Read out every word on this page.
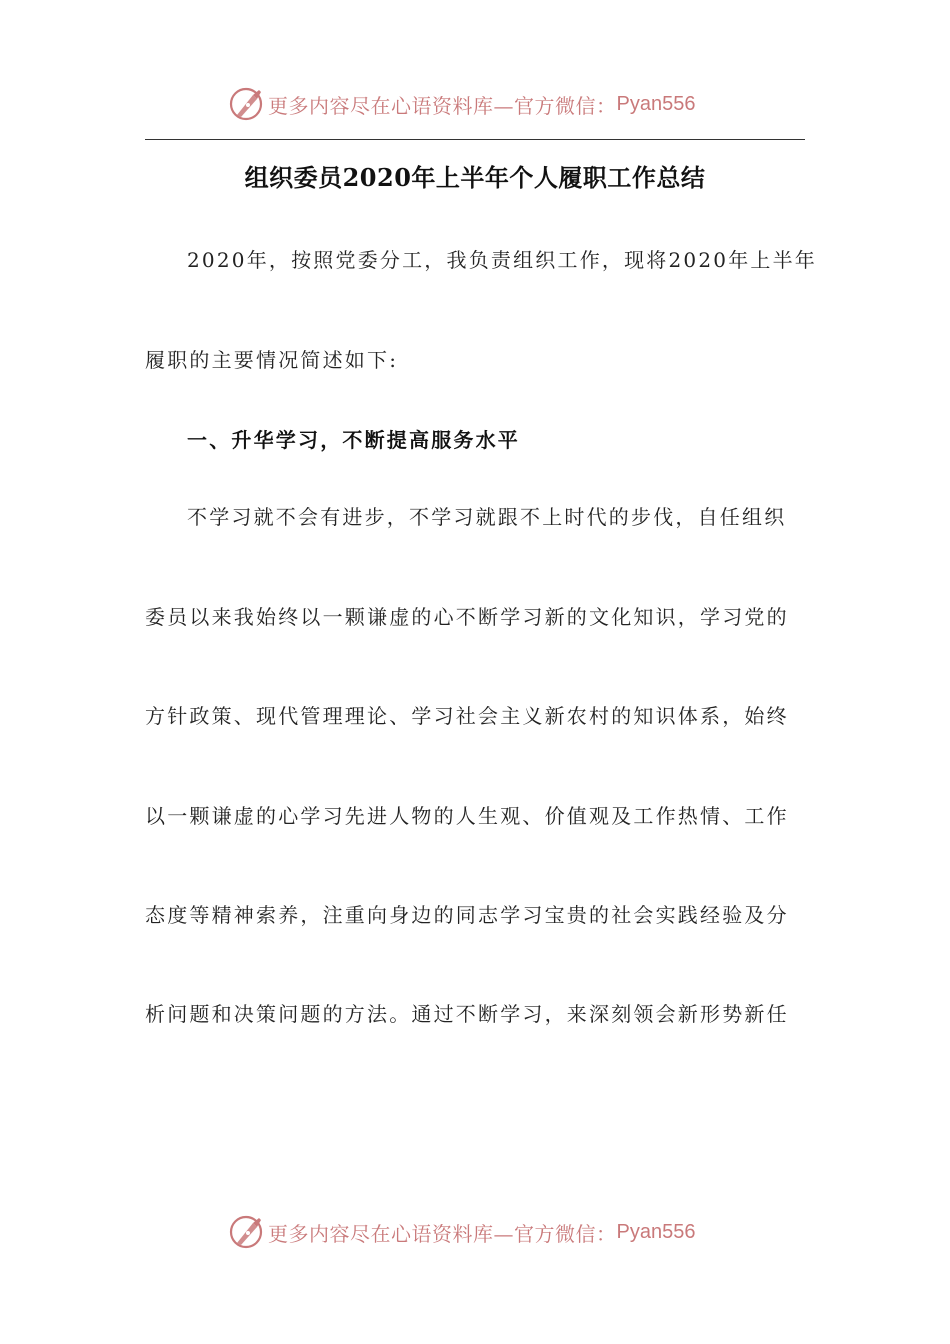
更多内容尽在心语资料库—官方微信： Pyan556
组织委员2020年上半年个人履职工作总结
2020年，按照党委分工，我负责组织工作，现将2020年上半年
履职的主要情况简述如下:
一、升华学习，不断提高服务水平
不学习就不会有进步，不学习就跟不上时代的步伐，自任组织
委员以来我始终以一颗谦虚的心不断学习新的文化知识，学习党的
方针政策、现代管理理论、学习社会主义新农村的知识体系，始终
以一颗谦虚的心学习先进人物的人生观、价值观及工作热情、工作
态度等精神索养，注重向身边的同志学习宝贵的社会实践经验及分
析问题和决策问题的方法。通过不断学习，来深刻领会新形势新任
更多内容尽在心语资料库—官方微信： Pyan556
